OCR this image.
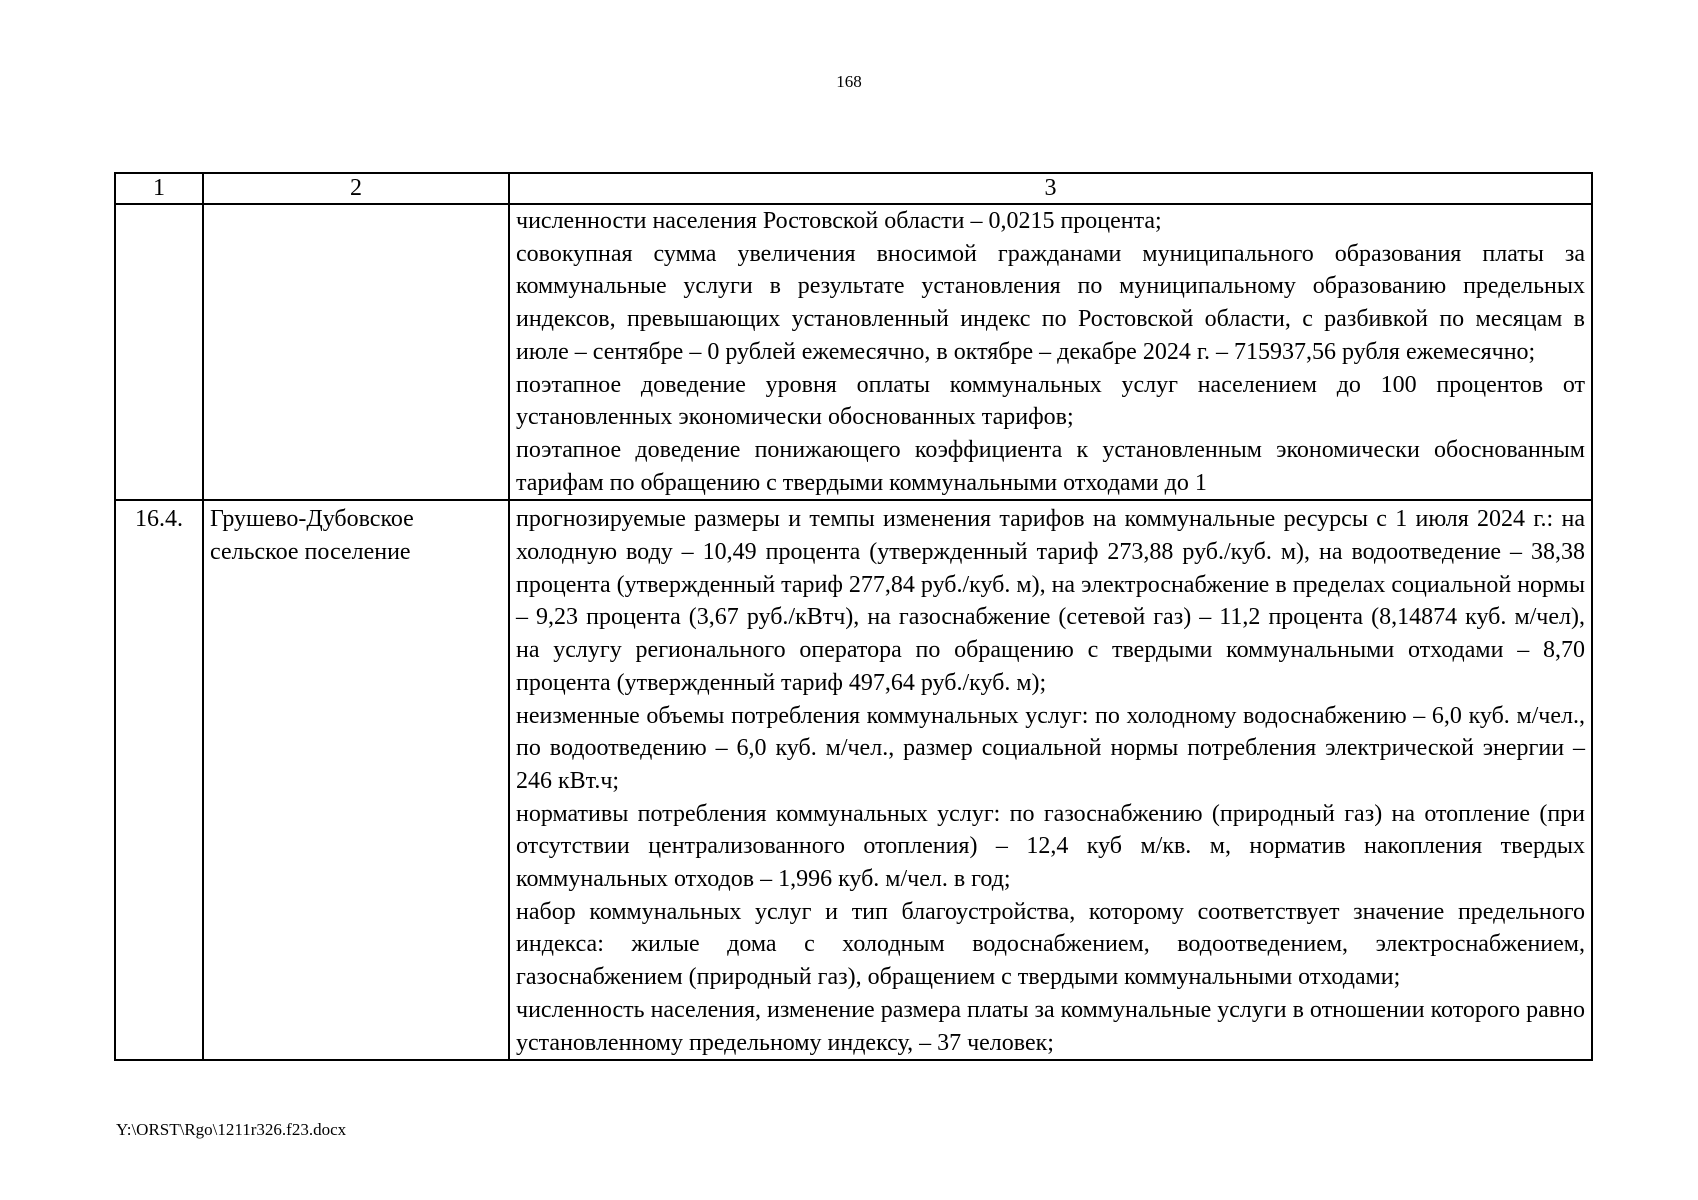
168
1	2	3

		численности населения Ростовской области – 0,0215 процента;

совокупная сумма увеличения вносимой гражданами муниципального образования платы за коммунальные услуги в результате установления по муниципальному образованию предельных индексов, превышающих установленный индекс по Ростовской области, с разбивкой по месяцам в июле – сентябре – 0 рублей ежемесячно, в октябре – декабре 2024 г. – 715937,56 рубля ежемесячно;

поэтапное доведение уровня оплаты коммунальных услуг населением до 100 процентов от установленных экономически обоснованных тарифов;

поэтапное доведение понижающего коэффициента к установленным экономически обоснованным тарифам по обращению с твердыми коммунальными отходами до 1

16.4.	Грушево-Дубовское сельское поселение	прогнозируемые размеры и темпы изменения тарифов на коммунальные ресурсы с 1 июля 2024 г.: на холодную воду – 10,49 процента (утвержденный тариф 273,88 руб./куб. м), на водоотведение – 38,38 процента (утвержденный тариф 277,84 руб./куб. м), на электроснабжение в пределах социальной нормы – 9,23 процента (3,67 руб./кВтч), на газоснабжение (сетевой газ) – 11,2 процента (8,14874 куб. м/чел), на услугу регионального оператора по обращению с твердыми коммунальными отходами – 8,70 процента (утвержденный тариф 497,64 руб./куб. м);

неизменные объемы потребления коммунальных услуг: по холодному водоснабжению – 6,0 куб. м/чел., по водоотведению – 6,0 куб. м/чел., размер социальной нормы потребления электрической энергии – 246 кВт.ч;

нормативы потребления коммунальных услуг: по газоснабжению (природный газ) на отопление (при отсутствии централизованного отопления) – 12,4 куб м/кв. м, норматив накопления твердых коммунальных отходов – 1,996 куб. м/чел. в год;

набор коммунальных услуг и тип благоустройства, которому соответствует значение предельного индекса: жилые дома с холодным водоснабжением, водоотведением, электроснабжением, газоснабжением (природный газ), обращением с твердыми коммунальными отходами;

численность населения, изменение размера платы за коммунальные услуги в отношении которого равно установленному предельному индексу, – 37 человек;

Y:\ORST\Rgo\1211r326.f23.docx
